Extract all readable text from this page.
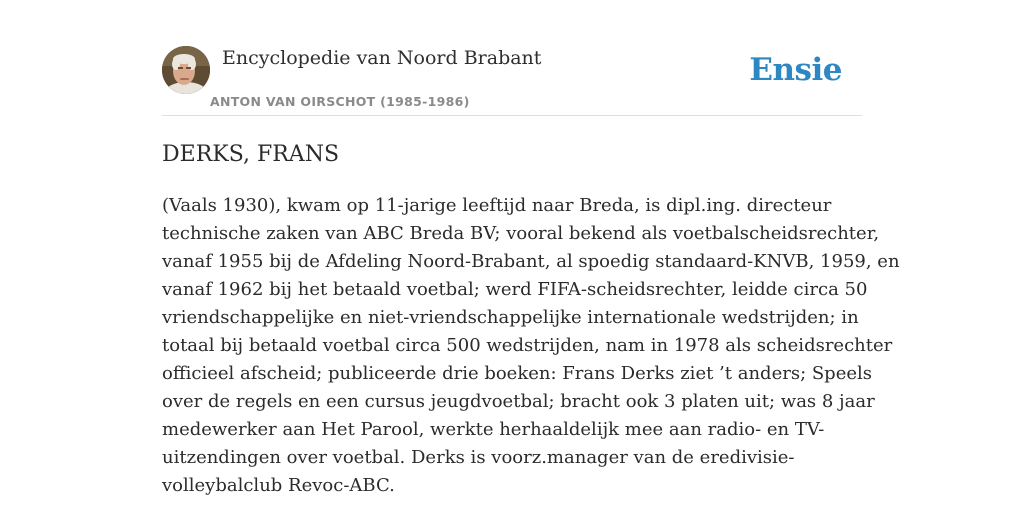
Encyclopedie van Noord Brabant
ANTON VAN OIRSCHOT (1985-1986)
Ensie
DERKS, FRANS
(Vaals 1930), kwam op 11-jarige leeftijd naar Breda, is dipl.ing. directeur
technische zaken van ABC Breda BV; vooral bekend als voetbalscheidsrechter,
vanaf 1955 bij de Afdeling Noord-Brabant, al spoedig standaard-KNVB, 1959, en
vanaf 1962 bij het betaald voetbal; werd FIFA-scheidsrechter, leidde circa 50
vriendschappelijke en niet-vriendschappelijke internationale wedstrijden; in
totaal bij betaald voetbal circa 500 wedstrijden, nam in 1978 als scheidsrechter
officieel afscheid; publiceerde drie boeken: Frans Derks ziet ’t anders; Speels
over de regels en een cursus jeugdvoetbal; bracht ook 3 platen uit; was 8 jaar
medewerker aan Het Parool, werkte herhaaldelijk mee aan radio- en TV-
uitzendingen over voetbal. Derks is voorz.manager van de eredivisie-
volleybalclub Revoc-ABC.
